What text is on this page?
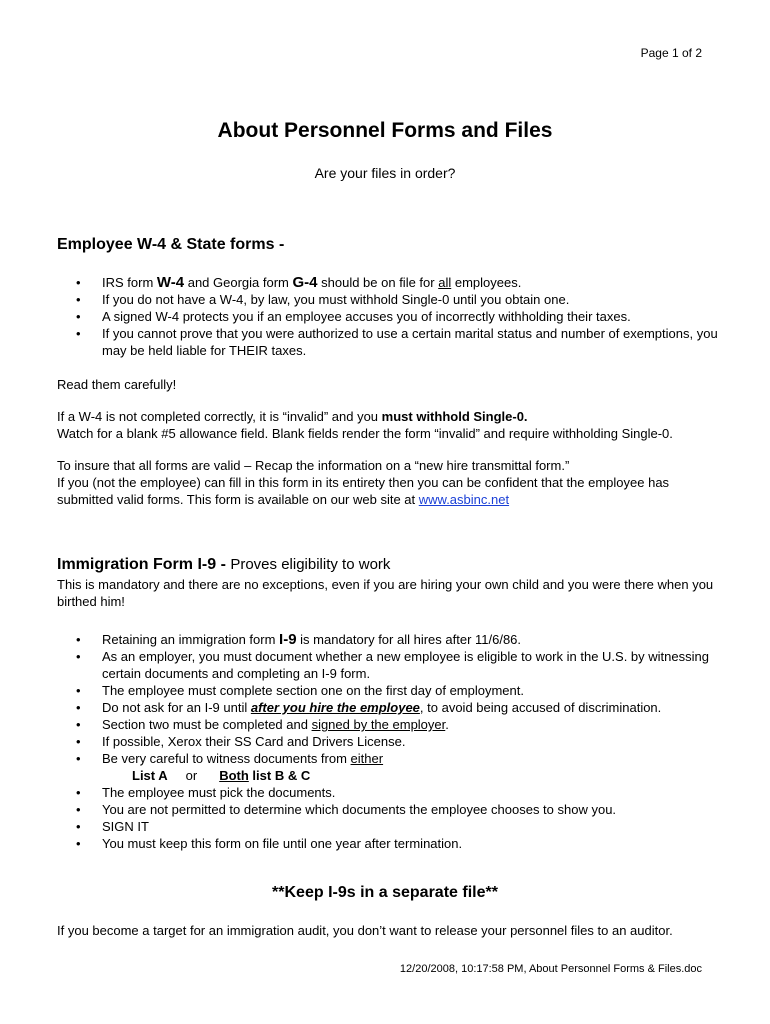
Page 1 of 2
About Personnel Forms and Files
Are your files in order?
Employee W-4 & State forms -
• IRS form W-4 and Georgia form G-4 should be on file for all employees.
• If you do not have a W-4, by law, you must withhold Single-0 until you obtain one.
• A signed W-4 protects you if an employee accuses you of incorrectly withholding their taxes.
• If you cannot prove that you were authorized to use a certain marital status and number of exemptions, you may be held liable for THEIR taxes.
Read them carefully!
If a W-4 is not completed correctly, it is “invalid” and you must withhold Single-0.
Watch for a blank #5 allowance field. Blank fields render the form “invalid” and require withholding Single-0.
To insure that all forms are valid – Recap the information on a “new hire transmittal form.”
If you (not the employee) can fill in this form in its entirety then you can be confident that the employee has submitted valid forms. This form is available on our web site at www.asbinc.net
Immigration Form I-9 - Proves eligibility to work
This is mandatory and there are no exceptions, even if you are hiring your own child and you were there when you birthed him!
• Retaining an immigration form I-9 is mandatory for all hires after 11/6/86.
• As an employer, you must document whether a new employee is eligible to work in the U.S. by witnessing certain documents and completing an I-9 form.
• The employee must complete section one on the first day of employment.
• Do not ask for an I-9 until after you hire the employee, to avoid being accused of discrimination.
• Section two must be completed and signed by the employer.
• If possible, Xerox their SS Card and Drivers License.
• Be very careful to witness documents from either
List A or Both list B & C
• The employee must pick the documents.
• You are not permitted to determine which documents the employee chooses to show you.
• SIGN IT
• You must keep this form on file until one year after termination.
**Keep I-9s in a separate file**
If you become a target for an immigration audit, you don’t want to release your personnel files to an auditor.
12/20/2008, 10:17:58 PM, About Personnel Forms & Files.doc
